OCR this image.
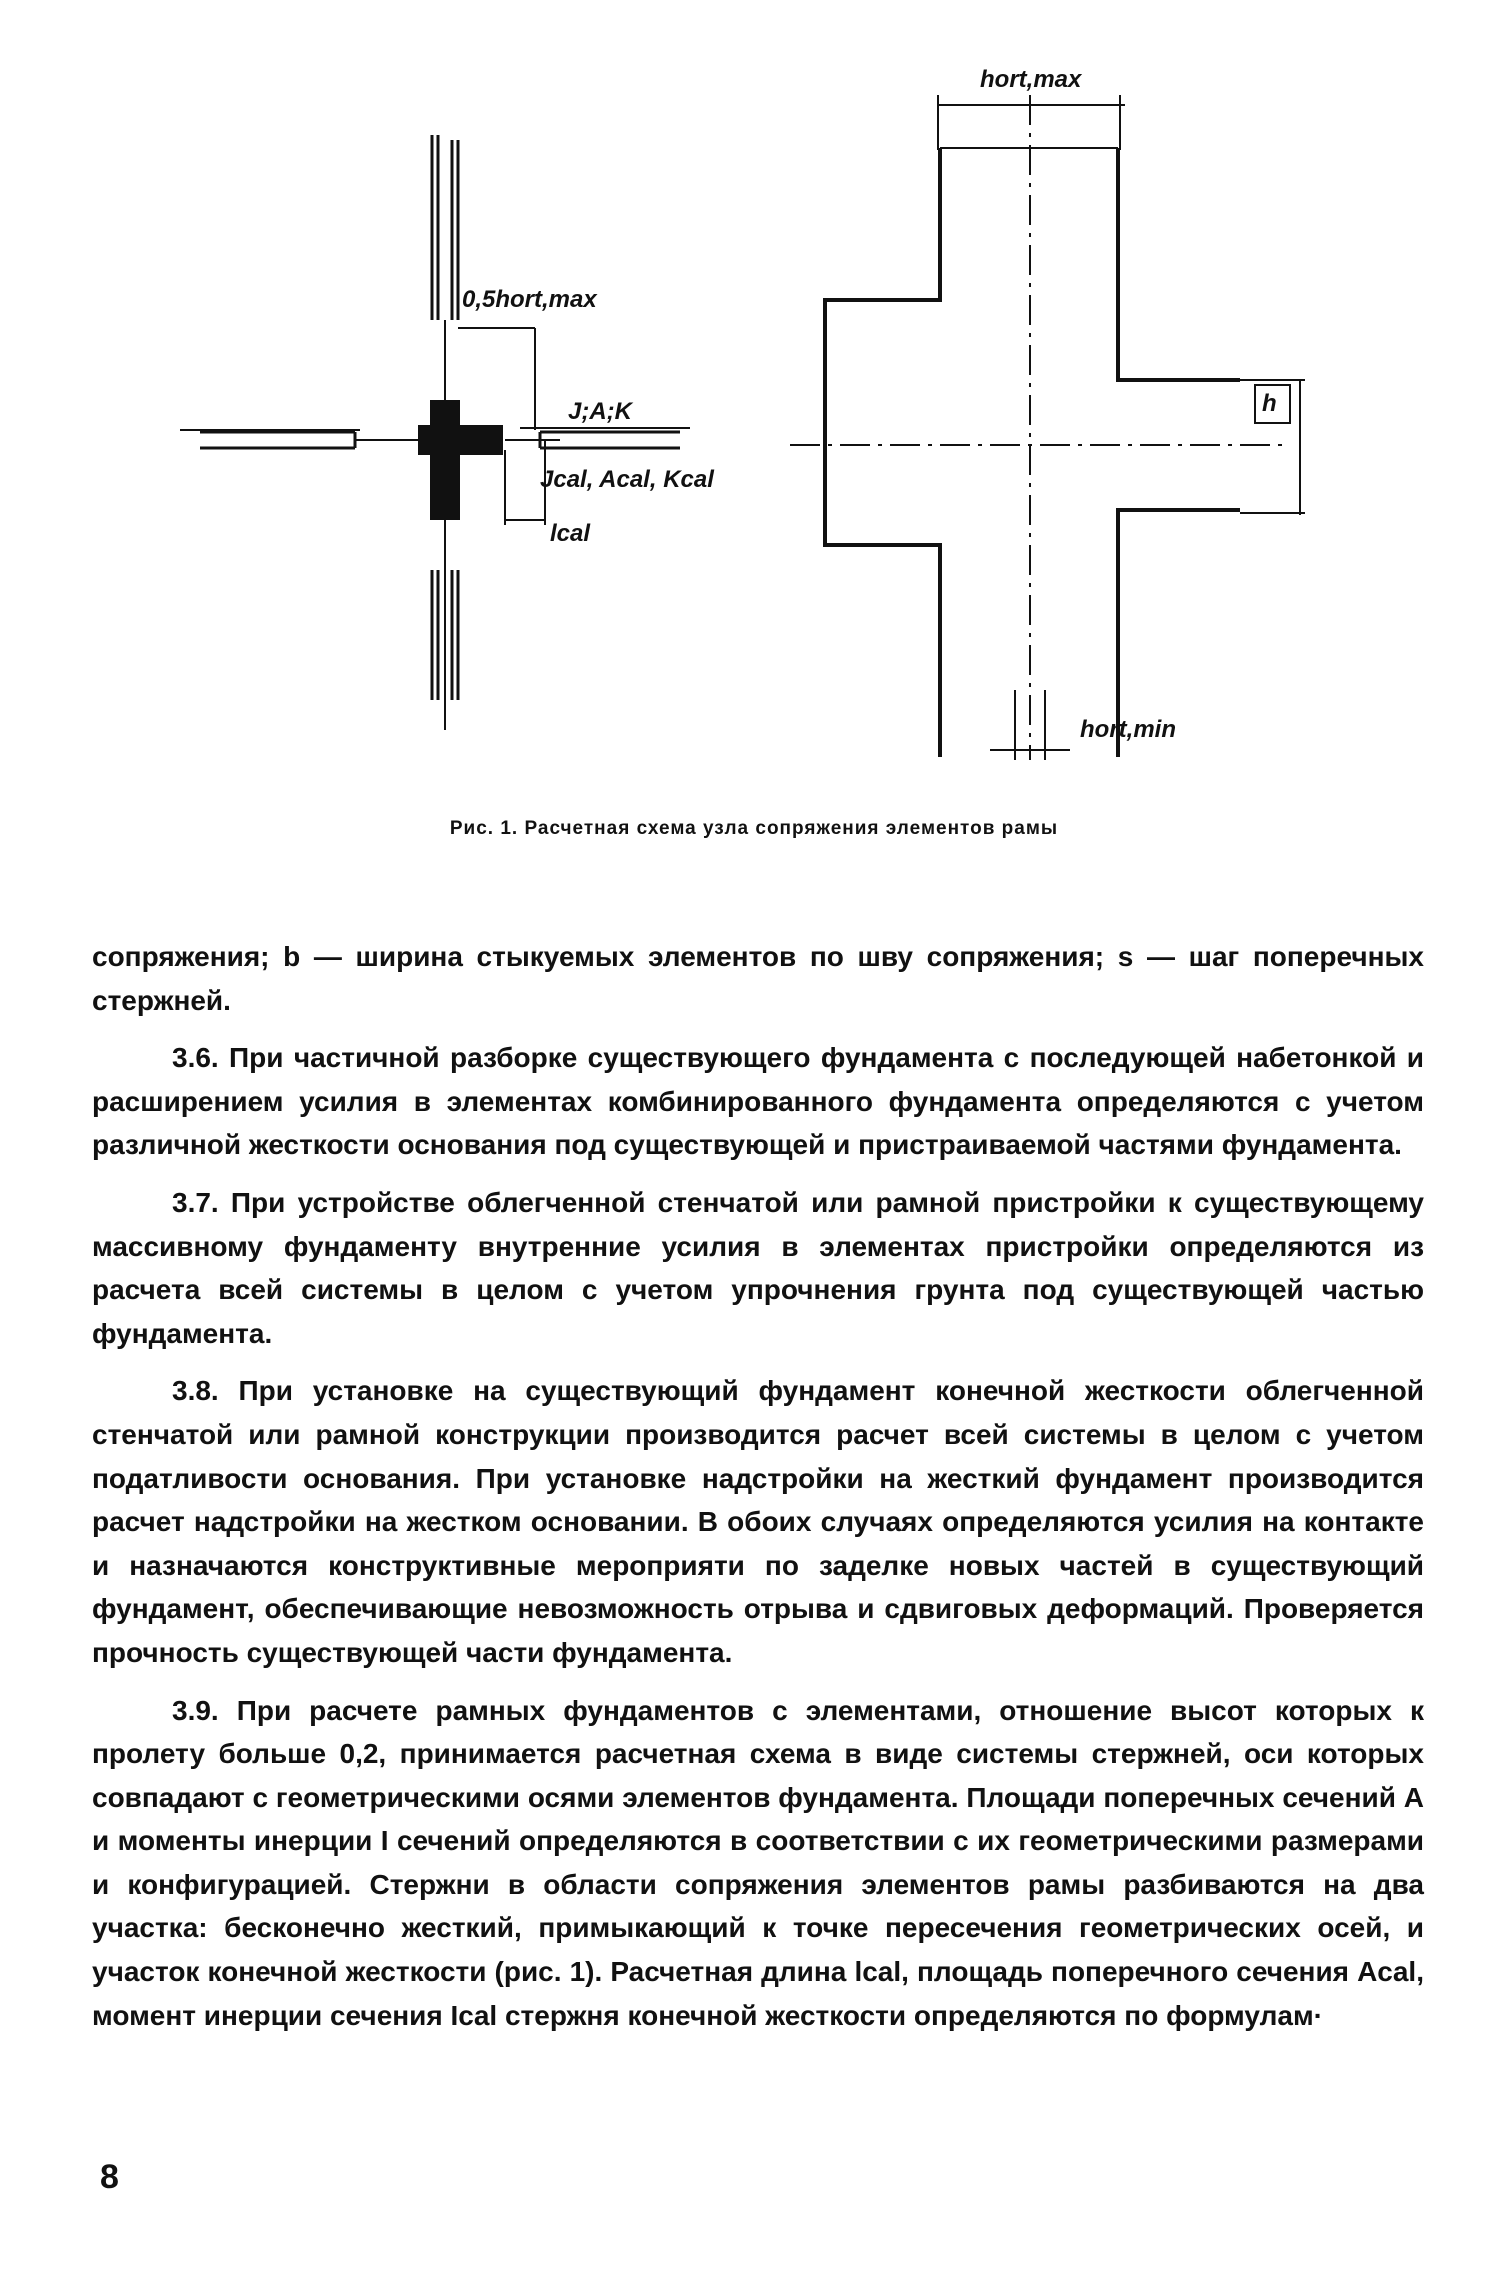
0,5hort,max
J;A;K
Jcal, Acal, Kcal
lcal
hort,max
h
hort,min
Рис. 1. Расчетная схема узла сопряжения элементов рамы

сопряжения; b — ширина стыкуемых элементов по шву сопряжения; s — шаг поперечных стержней.

3.6. При частичной разборке существующего фундамента с последующей набетонкой и расширением усилия в элементах комбинированного фундамента определяются с учетом различной жесткости основания под существующей и пристраиваемой частями фундамента.

3.7. При устройстве облегченной стенчатой или рамной пристройки к существующему массивному фундаменту внутренние усилия в элементах пристройки определяются из расчета всей системы в целом с учетом упрочнения грунта под существующей частью фундамента.

3.8. При установке на существующий фундамент конечной жесткости облегченной стенчатой или рамной конструкции производится расчет всей системы в целом с учетом податливости основания. При установке надстройки на жесткий фундамент производится расчет надстройки на жестком основании. В обоих случаях определяются усилия на контакте и назначаются конструктивные мероприяти по заделке новых частей в существующий фундамент, обеспечивающие невозможность отрыва и сдвиговых деформаций. Проверяется прочность существующей части фундамента.

3.9. При расчете рамных фундаментов с элементами, отношение высот которых к пролету больше 0,2, принимается расчетная схема в виде системы стержней, оси которых совпадают с геометрическими осями элементов фундамента. Площади поперечных сечений A и моменты инерции I сечений определяются в соответствии с их геометрическими размерами и конфигурацией. Стержни в области сопряжения элементов рамы разбиваются на два участка: бесконечно жесткий, примыкающий к точке пересечения геометрических осей, и участок конечной жесткости (рис. 1). Расчетная длина lcal, площадь поперечного сечения Acal, момент инерции сечения Ical стержня конечной жесткости определяются по формулам·

8
